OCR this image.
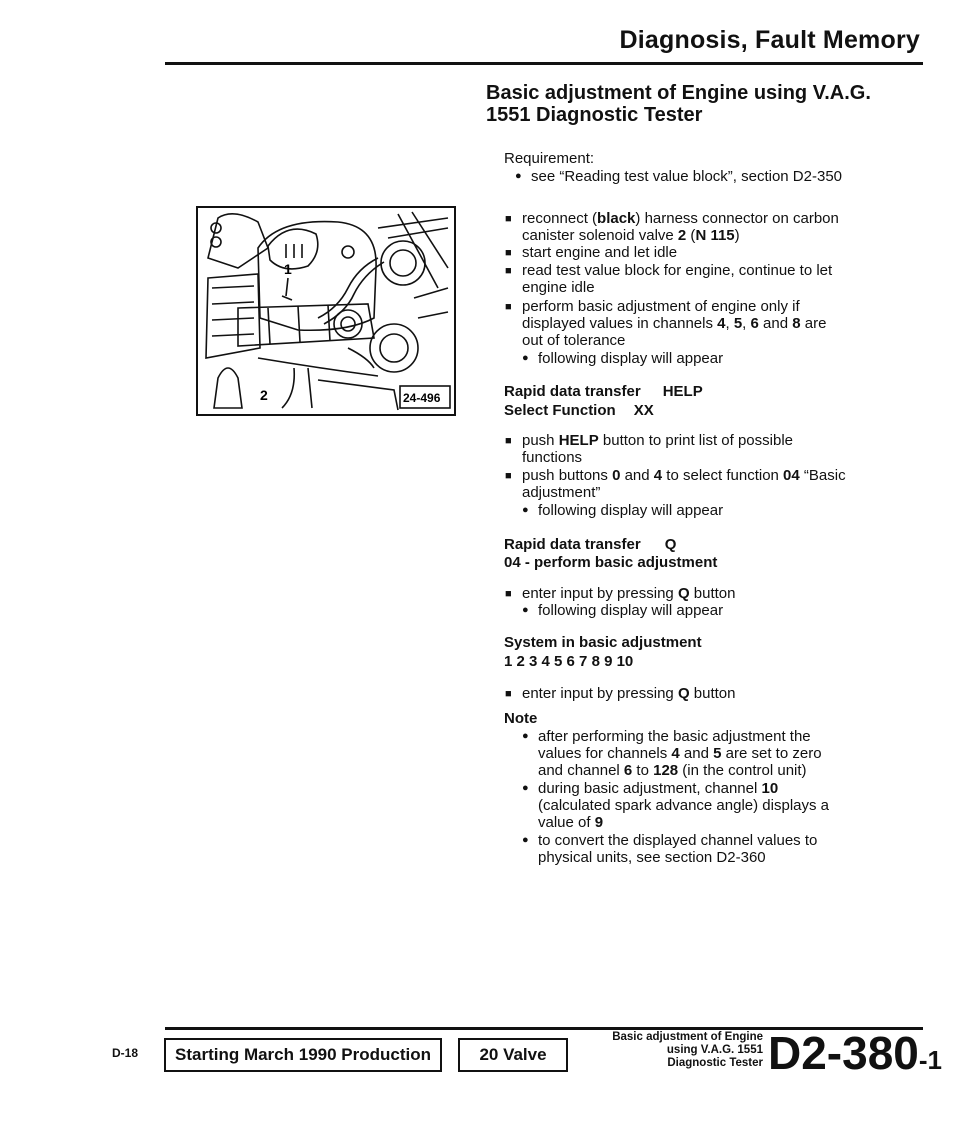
Diagnosis, Fault Memory
1
2	24-496
Basic adjustment of Engine using V.A.G.
1551 Diagnostic Tester
Requirement:
● see “Reading test value block”, section D2-350
■ reconnect (black) harness connector on carbon
canister solenoid valve 2 (N 115)
■ start engine and let idle
■ read test value block for engine, continue to let
engine idle
■ perform basic adjustment of engine only if
displayed values in channels 4, 5, 6 and 8 are
out of tolerance
● following display will appear
Rapid data transfer HELP
Select Function XX
■ push HELP button to print list of possible
functions
■ push buttons 0 and 4 to select function 04 “Basic
adjustment”
● following display will appear
Rapid data transfer Q
04 - perform basic adjustment
■ enter input by pressing Q button
● following display will appear
System in basic adjustment
1 2 3 4 5 6 7 8 9 10
■ enter input by pressing Q button
Note
● after performing the basic adjustment the
values for channels 4 and 5 are set to zero
and channel 6 to 128 (in the control unit)
● during basic adjustment, channel 10
(calculated spark advance angle) displays a
value of 9
● to convert the displayed channel values to
physical units, see section D2-360
D-18	Starting March 1990 Production	20 Valve
Basic adjustment of Engine
using V.A.G. 1551
Diagnostic Tester D2-380-1
